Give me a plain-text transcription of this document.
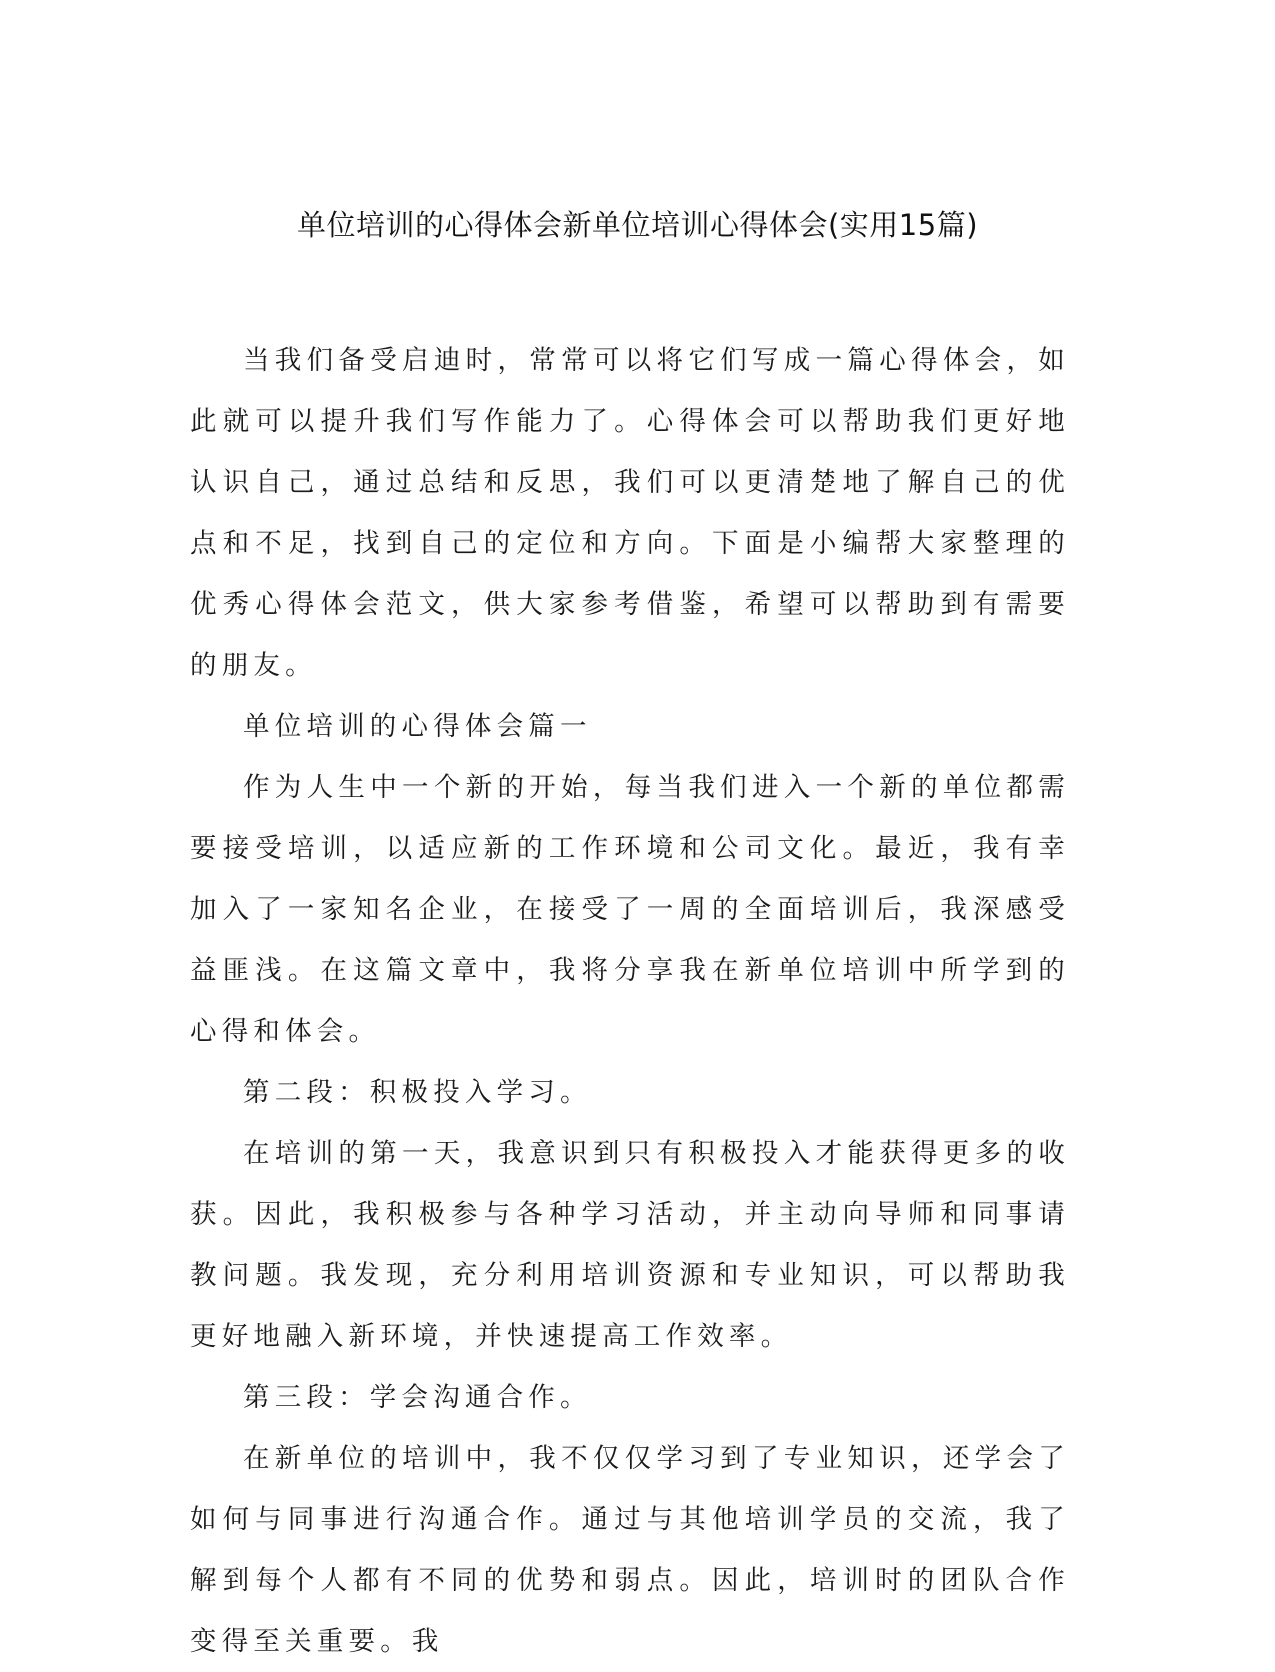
单位培训的心得体会新单位培训心得体会(实用15篇)

当我们备受启迪时，常常可以将它们写成一篇心得体会，如此就可以提升我们写作能力了。心得体会可以帮助我们更好地认识自己，通过总结和反思，我们可以更清楚地了解自己的优点和不足，找到自己的定位和方向。下面是小编帮大家整理的优秀心得体会范文，供大家参考借鉴，希望可以帮助到有需要的朋友。

单位培训的心得体会篇一

作为人生中一个新的开始，每当我们进入一个新的单位都需要接受培训，以适应新的工作环境和公司文化。最近，我有幸加入了一家知名企业，在接受了一周的全面培训后，我深感受益匪浅。在这篇文章中，我将分享我在新单位培训中所学到的心得和体会。

第二段：积极投入学习。

在培训的第一天，我意识到只有积极投入才能获得更多的收获。因此，我积极参与各种学习活动，并主动向导师和同事请教问题。我发现，充分利用培训资源和专业知识，可以帮助我更好地融入新环境，并快速提高工作效率。

第三段：学会沟通合作。

在新单位的培训中，我不仅仅学习到了专业知识，还学会了如何与同事进行沟通合作。通过与其他培训学员的交流，我了解到每个人都有不同的优势和弱点。因此，培训时的团队合作变得至关重要。我
